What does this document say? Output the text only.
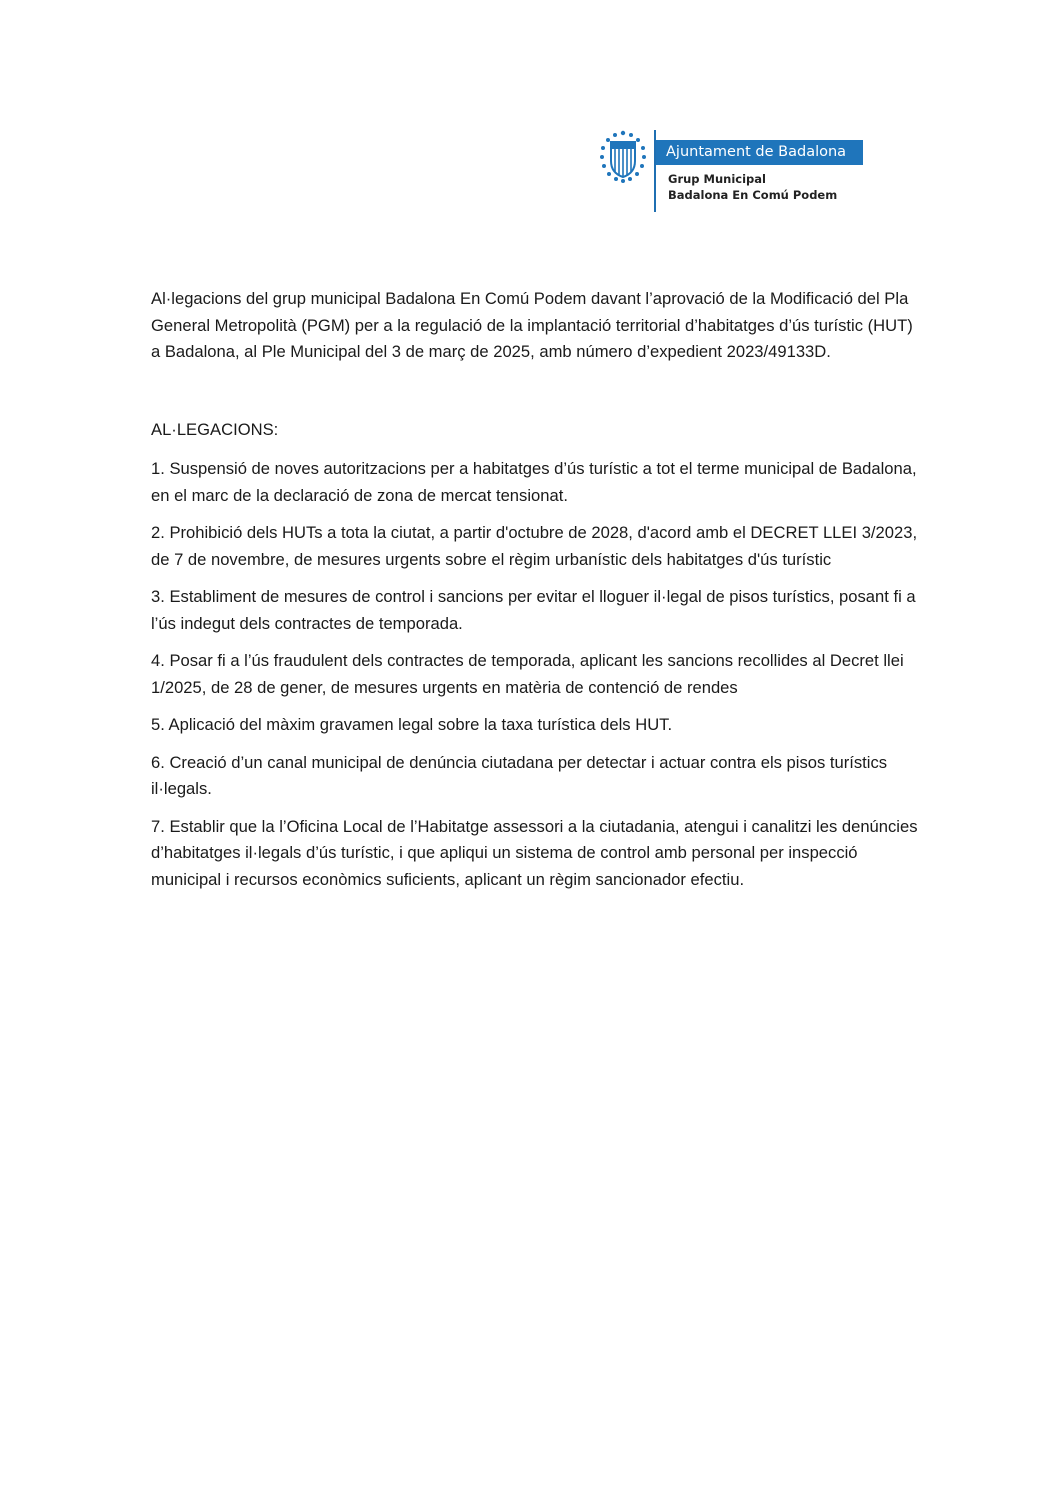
Ajuntament de Badalona
Grup Municipal
Badalona En Comú Podem

Al·legacions del grup municipal Badalona En Comú Podem davant l’aprovació de la Modificació del Pla General Metropolità (PGM) per a la regulació de la implantació territorial d’habitatges d’ús turístic (HUT) a Badalona, al Ple Municipal del 3 de març de 2025, amb número d’expedient 2023/49133D.

AL·LEGACIONS:

1. Suspensió de noves autoritzacions per a habitatges d’ús turístic a tot el terme municipal de Badalona, en el marc de la declaració de zona de mercat tensionat.

2. Prohibició dels HUTs a tota la ciutat, a partir d'octubre de 2028, d'acord amb el DECRET LLEI 3/2023, de 7 de novembre, de mesures urgents sobre el règim urbanístic dels habitatges d'ús turístic

3. Establiment de mesures de control i sancions per evitar el lloguer il·legal de pisos turístics, posant fi a l’ús indegut dels contractes de temporada.

4. Posar fi a l’ús fraudulent dels contractes de temporada, aplicant les sancions recollides al Decret llei 1/2025, de 28 de gener, de mesures urgents en matèria de contenció de rendes

5. Aplicació del màxim gravamen legal sobre la taxa turística dels HUT.

6. Creació d’un canal municipal de denúncia ciutadana per detectar i actuar contra els pisos turístics il·legals.

7. Establir que la l’Oficina Local de l’Habitatge assessori a la ciutadania, atengui i canalitzi les denúncies d’habitatges il·legals d’ús turístic, i que apliqui un sistema de control amb personal per inspecció municipal i recursos econòmics suficients, aplicant un règim sancionador efectiu.
